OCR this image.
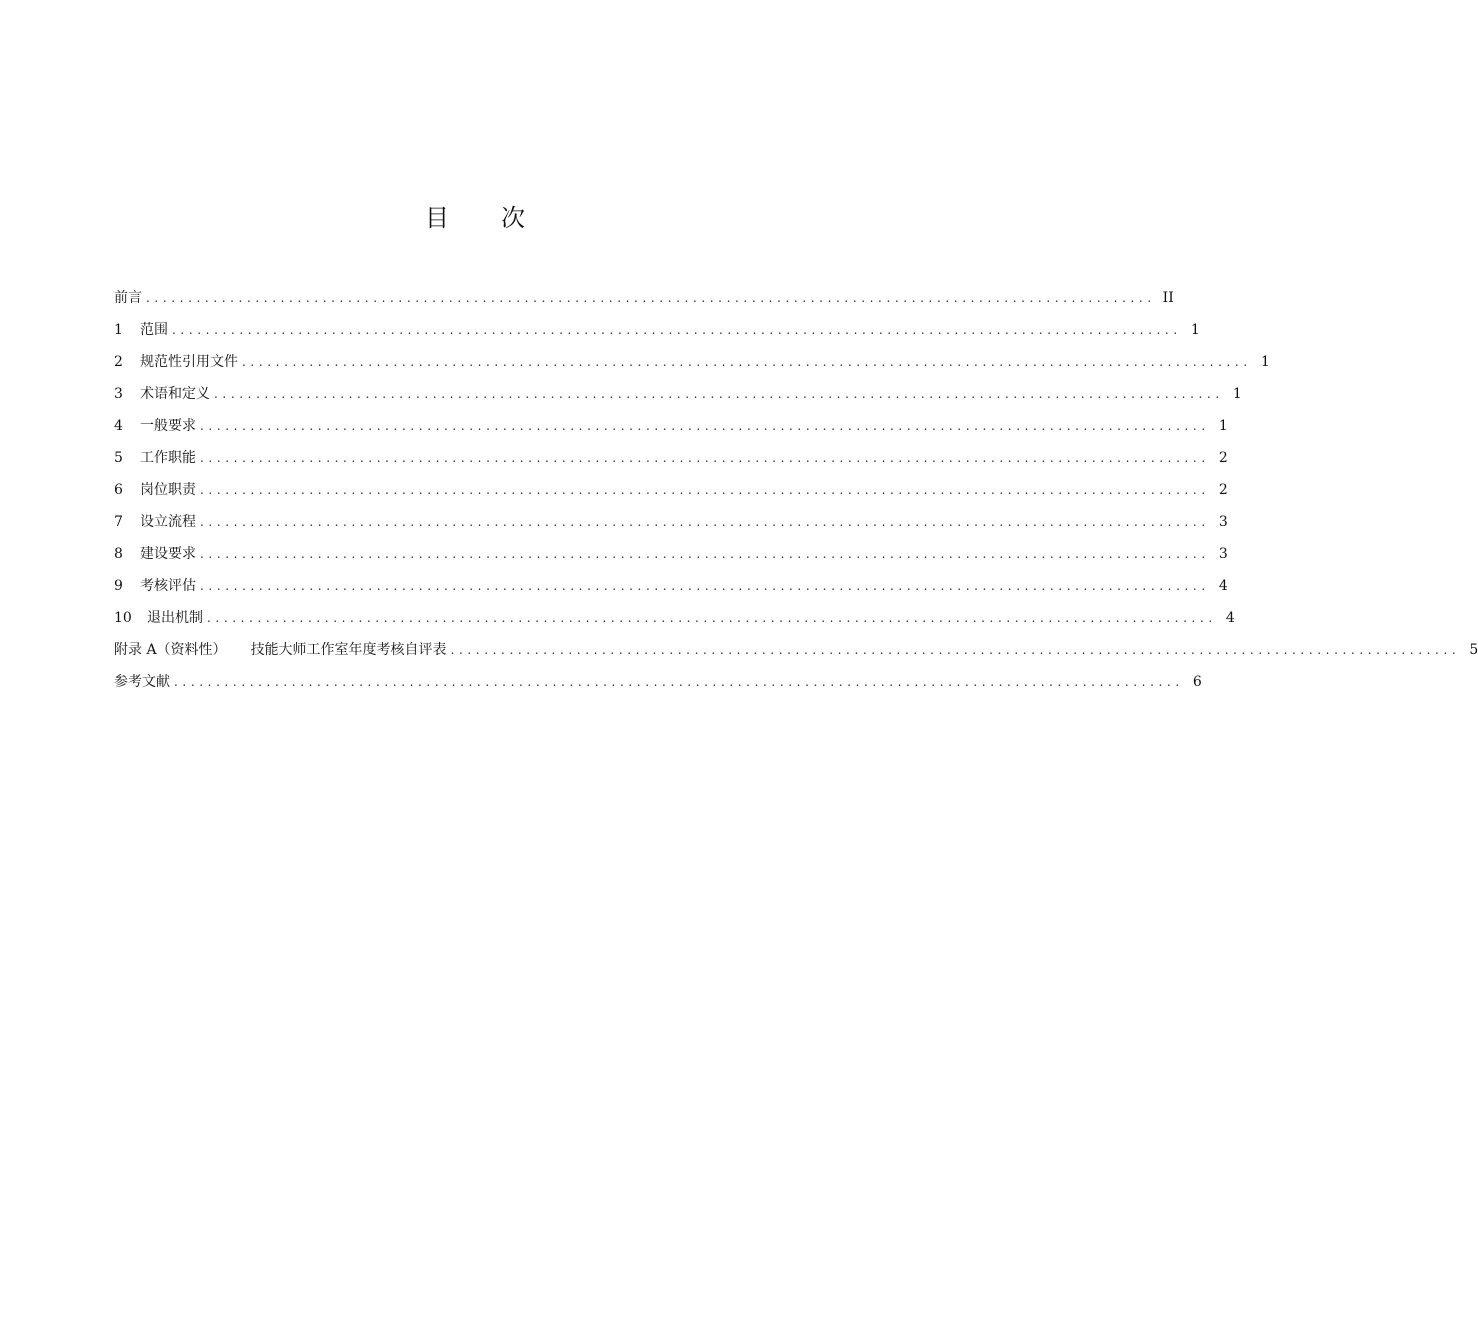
目 次
前言 ........................................................................................................................ II
1	范围 ........................................................................................................................ 1
2	规范性引用文件 ........................................................................................................................ 1
3	术语和定义 ........................................................................................................................ 1
4	一般要求 ........................................................................................................................ 1
5	工作职能 ........................................................................................................................ 2
6	岗位职责 ........................................................................................................................ 2
7	设立流程 ........................................................................................................................ 3
8	建设要求 ........................................................................................................................ 3
9	考核评估 ........................................................................................................................ 4
10	退出机制 ........................................................................................................................ 4
附录 A（资料性） 技能大师工作室年度考核自评表 ........................................................................................................................ 5
参考文献 ........................................................................................................................ 6
